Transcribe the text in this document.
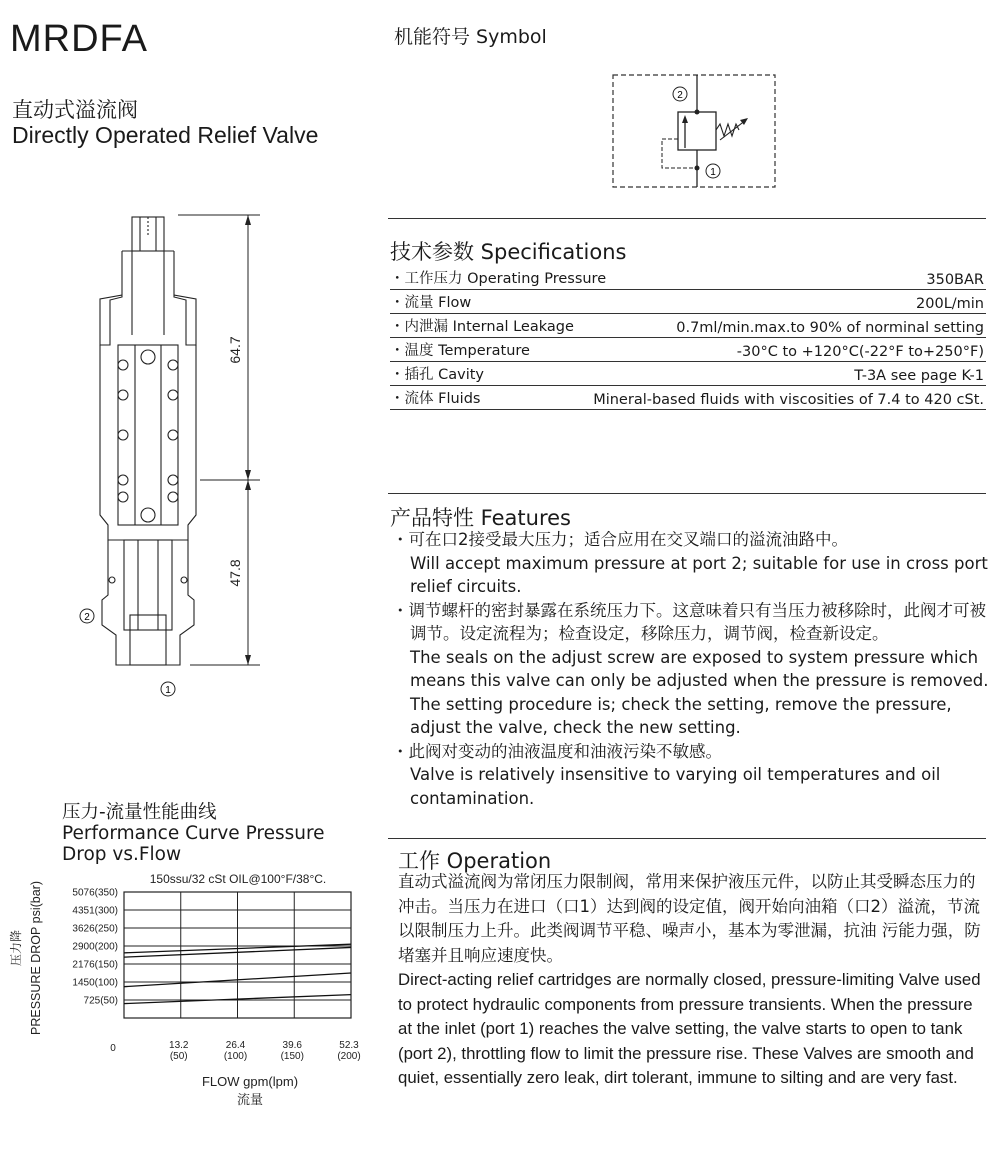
MRDFA
直动式溢流阀
Directly Operated Relief Valve
机能符号 Symbol
2
1
64.7
47.8
2
1
技术参数 Specifications
・工作压力 Operating Pressure	350BAR
・流量 Flow	200L/min
・内泄漏 Internal Leakage	0.7ml/min.max.to 90% of norminal setting
・温度 Temperature	-30°C to +120°C(-22°F to+250°F)
・插孔 Cavity	T-3A see page K-1
・流体 Fluids	Mineral-based fluids with viscosities of 7.4 to 420 cSt.
产品特性 Features
・可在口2接受最大压力；适合应用在交叉端口的溢流油路中。
Will accept maximum pressure at port 2; suitable for use in cross port relief circuits.
・调节螺杆的密封暴露在系统压力下。这意味着只有当压力被移除时，此阀才可被调节。设定流程为；检查设定，移除压力，调节阀，检查新设定。
The seals on the adjust screw are exposed to system pressure which means this valve can only be adjusted when the pressure is removed. The setting procedure is; check the setting, remove the pressure, adjust the valve, check the new setting.
・此阀对变动的油液温度和油液污染不敏感。
Valve is relatively insensitive to varying oil temperatures and oil contamination.
工作 Operation
直动式溢流阀为常闭压力限制阀，常用来保护液压元件，以防止其受瞬态压力的冲击。当压力在进口（口1）达到阀的设定值，阀开始向油箱（口2）溢流，节流以限制压力上升。此类阀调节平稳、噪声小，基本为零泄漏，抗油 污能力强，防堵塞并且响应速度快。
Direct-acting relief cartridges are normally closed, pressure-limiting Valve used to protect hydraulic components from pressure transients. When the pressure at the inlet (port 1) reaches the valve setting, the valve starts to open to tank (port 2), throttling flow to limit the pressure rise. These Valves are smooth and quiet, essentially zero leak, dirt tolerant, immune to silting and are very fast.
压力-流量性能曲线
Performance Curve Pressure
Drop vs.Flow
150ssu/32 cSt OIL@100°F/38°C.
725(50)
1450(100)
2176(150)
2900(200)
3626(250)
4351(300)
5076(350)
13.2
(50)
26.4
(100)
39.6
(150)
52.3
(200)
0
压力降 PRESSURE DROP psi(bar)
FLOW gpm(lpm)
流量
